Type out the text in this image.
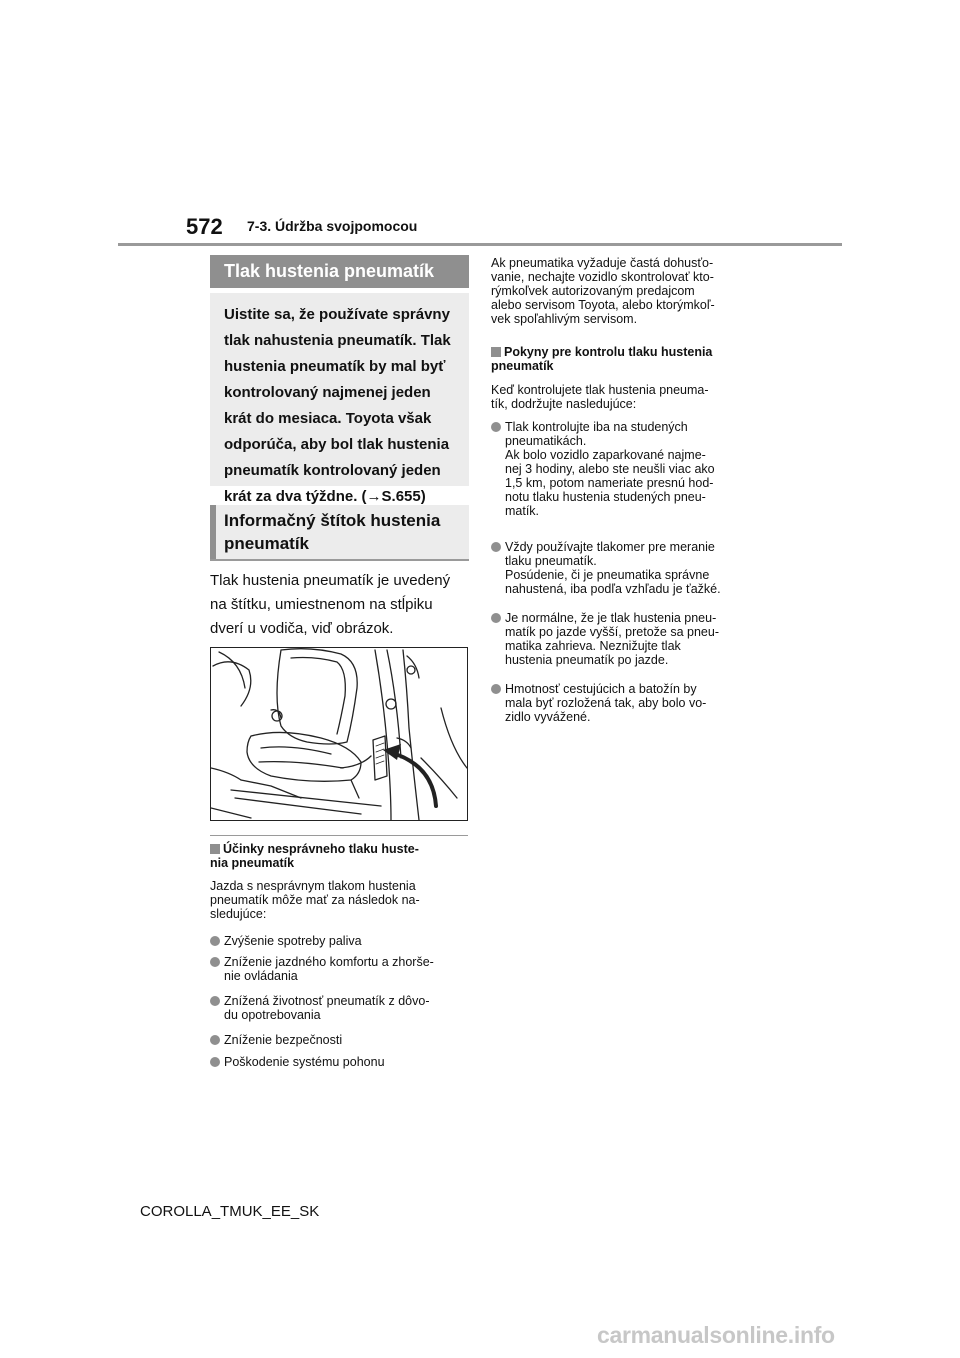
572 7-3. Údržba svojpomocou
Tlak hustenia pneumatík
Uistite sa, že používate správny
tlak nahustenia pneumatík. Tlak
hustenia pneumatík by mal byť
kontrolovaný najmenej jeden
krát do mesiaca. Toyota však
odporúča, aby bol tlak hustenia
pneumatík kontrolovaný jeden
krát za dva týždne. (→S.655)
Informačný štítok hustenia
pneumatík
Tlak hustenia pneumatík je uvedený
na štítku, umiestnenom na stĺpiku
dverí u vodiča, viď obrázok.
Účinky nesprávneho tlaku huste-
nia pneumatík
Jazda s nesprávnym tlakom hustenia
pneumatík môže mať za následok na-
sledujúce:
Zvýšenie spotreby paliva
Zníženie jazdného komfortu a zhorše-
nie ovládania
Znížená životnosť pneumatík z dôvo-
du opotrebovania
Zníženie bezpečnosti
Poškodenie systému pohonu
Ak pneumatika vyžaduje častá dohusťo-
vanie, nechajte vozidlo skontrolovať kto-
rýmkoľvek autorizovaným predajcom
alebo servisom Toyota, alebo ktorýmkoľ-
vek spoľahlivým servisom.
Pokyny pre kontrolu tlaku hustenia
pneumatík
Keď kontrolujete tlak hustenia pneuma-
tík, dodržujte nasledujúce:
Tlak kontrolujte iba na studených
pneumatikách.
Ak bolo vozidlo zaparkované najme-
nej 3 hodiny, alebo ste neušli viac ako
1,5 km, potom nameriate presnú hod-
notu tlaku hustenia studených pneu-
matík.
Vždy používajte tlakomer pre meranie
tlaku pneumatík.
Posúdenie, či je pneumatika správne
nahustená, iba podľa vzhľadu je ťažké.
Je normálne, že je tlak hustenia pneu-
matík po jazde vyšší, pretože sa pneu-
matika zahrieva. Neznižujte tlak
hustenia pneumatík po jazde.
Hmotnosť cestujúcich a batožín by
mala byť rozložená tak, aby bolo vo-
zidlo vyvážené.
COROLLA_TMUK_EE_SK
carmanualsonline.info
